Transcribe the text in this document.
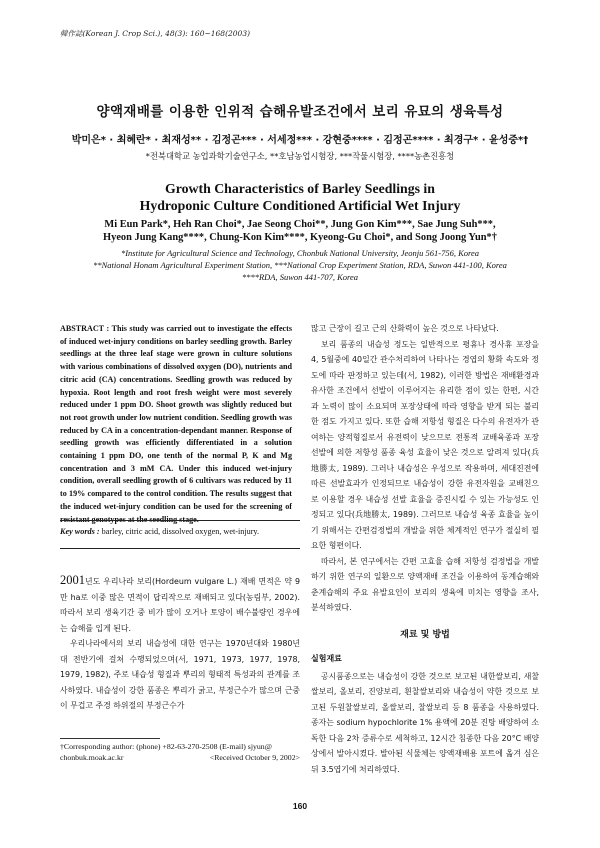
韓作誌(Korean J. Crop Sci.), 48(3): 160~168(2003)
양액재배를 이용한 인위적 습해유발조건에서 보리 유묘의 생육특성
박미은* · 최혜란* · 최재성** · 김정곤*** · 서세정*** · 강현중**** · 김정곤**** · 최경구* · 윤성중*†
*전북대학교 농업과학기술연구소, **호남농업시험장, ***작물시험장, ****농촌진흥청
Growth Characteristics of Barley Seedlings in
Hydroponic Culture Conditioned Artificial Wet Injury
Mi Eun Park*, Heh Ran Choi*, Jae Seong Choi**, Jung Gon Kim***, Sae Jung Suh***,
Hyeon Jung Kang****, Chung-Kon Kim****, Kyeong-Gu Choi*, and Song Joong Yun*†
*Institute for Agricultural Science and Technology, Chonbuk National University, Jeonju 561-756, Korea
**National Honam Agricultural Experiment Station, ***National Crop Experiment Station, RDA, Suwon 441-100, Korea
****RDA, Suwon 441-707, Korea
ABSTRACT : This study was carried out to investigate the effects of induced wet-injury conditions on barley seedling growth. Barley seedlings at the three leaf stage were grown in culture solutions with various combinations of dissolved oxygen (DO), nutrients and citric acid (CA) concentrations. Seedling growth was reduced by hypoxia. Root length and root fresh weight were most severely reduced under 1 ppm DO. Shoot growth was slightly reduced but not root growth under low nutrient condition. Seedling growth was reduced by CA in a concentration-dependant manner. Response of seedling growth was efficiently differentiated in a solution containing 1 ppm DO, one tenth of the normal P, K and Mg concentration and 3 mM CA. Under this induced wet-injury condition, overall seedling growth of 6 cultivars was reduced by 11 to 19% compared to the control condition. The results suggest that the induced wet-injury condition can be used for the screening of resistant genotypes at the seedling stage.
Key words : barley, citric acid, dissolved oxygen, wet-injury.

2001년도 우리나라 보리(Hordeum vulgare L.) 재배 면적은 약 9만 ha로 이중 많은 면적이 답리작으로 재배되고 있다(농림부, 2002). 따라서 보리 생육기간 중 비가 많이 오거나 토양이 배수불량인 경우에는 습해를 입게 된다.

우리나라에서의 보리 내습성에 대한 연구는 1970년대와 1980년대 전반기에 걸쳐 수행되었으며(서, 1971, 1973, 1977, 1978, 1979, 1982), 주로 내습성 형질과 뿌리의 형태적 특성과의 관계를 조사하였다. 내습성이 강한 품종은 뿌리가 굵고, 부정근수가 많으며 근중이 무겁고 주경 하위절의 부정근수가

많고 근장이 길고 근의 산화력이 높은 것으로 나타났다.

보리 품종의 내습성 정도는 일반적으로 평휴나 경사휴 포장을 4, 5월중에 40일간 관수처리하여 나타나는 경엽의 황화 속도와 정도에 따라 판정하고 있는데(서, 1982), 이러한 방법은 재배환경과 유사한 조건에서 선발이 이루어지는 유리한 점이 있는 한편, 시간과 노력이 많이 소요되며 포장상태에 따라 영향을 받게 되는 불리한 점도 가지고 있다. 또한 습해 저항성 형질은 다수의 유전자가 관여하는 양적형질로서 유전력이 낮으므로 전통적 교배육종과 포장선발에 의한 저항성 품종 육성 효율이 낮은 것으로 알려져 있다(兵地勝太, 1989). 그러나 내습성은 우성으로 작용하며, 세대진전에 따른 선발효과가 인정되므로 내습성이 강한 유전자원을 교배친으로 이용할 경우 내습성 선발 효율을 증진시킬 수 있는 가능성도 인정되고 있다(兵地勝太, 1989). 그러므로 내습성 육종 효율을 높이기 위해서는 간편검정법의 개발을 위한 체계적인 연구가 절실히 필요한 형편이다.

따라서, 본 연구에서는 간편 고효율 습해 저항성 검정법을 개발하기 위한 연구의 일환으로 양액재배 조건을 이용하여 동계습해와 춘계습해의 주요 유발요인이 보리의 생육에 미치는 영향을 조사, 분석하였다.

재료 및 방법
실험재료

공시품종으로는 내습성이 강한 것으로 보고된 내한쌀보리, 새찰쌀보리, 올보리, 진양보리, 흰찰쌀보리와 내습성이 약한 것으로 보고된 두원찰쌀보리, 올쌀보리, 찰쌀보리 등 8 품종을 사용하였다. 종자는 sodium hypochlorite 1% 용액에 20분 진탕 배양하여 소독한 다음 2차 증류수로 세척하고, 12시간 침종한 다음 20°C 배양상에서 발아시켰다. 발아된 식물체는 양액재배용 포트에 옮겨 심은 뒤 3.5엽기에 처리하였다.

†Corresponding author: (phone) +82-63-270-2508 (E-mail) sjyun@
chonbuk.moak.ac.kr	<Received October 9, 2002>
160
